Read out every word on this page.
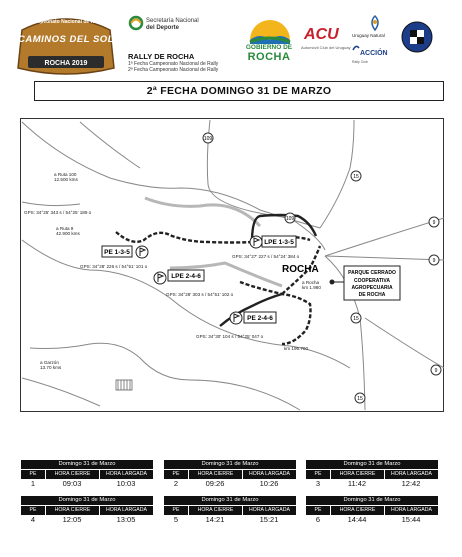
Campeonato Nacional de Rally
CAMINOS DEL SOL
ROCHA 2019
Secretaría Nacional
del Deporte
RALLY DE ROCHA
1ª Fecha Campeonato Nacional de Rally
2ª Fecha Campeonato Nacional de Rally
GOBIERNO DE
ROCHA
ACU
Automóvil Club del Uruguay
Uruguay Natural
ACCIÓN
Rally Club
2ª FECHA DOMINGO 31 DE MARZO
109
109
9
15
15
9
15
9
PE 1-3-5
LPE 1-3-5
LPE 2-4-6
PE 2-4-6
GPS: 34°25' 343 s / 54°25' 189 o
GPS: 34°28' 226 s / 54°51' 101 o
GPS: 34°27' 227 s / 54°24' 384 o
GPS: 34°28' 303 s / 54°51' 102 o
GPS: 34°30' 104 s / 54°25' 047 o
a Ruta 100
12.500 kms
a Ruta 9
42.900 kms
a Garzón
13.70 kms
a Rocha
km 1.980
km 196.700
ROCHA	PARQUE CERRADO
COOPERATIVA
AGROPECUARIA
DE ROCHA
Domingo 31 de Marzo
PE	HORA CIERRE	HORA LARGADA
1	09:03	10:03
Domingo 31 de Marzo
PE	HORA CIERRE	HORA LARGADA
2	09:26	10:26
Domingo 31 de Marzo
PE	HORA CIERRE	HORA LARGADA
3	11:42	12:42
Domingo 31 de Marzo
PE	HORA CIERRE	HORA LARGADA
4	12:05	13:05
Domingo 31 de Marzo
PE	HORA CIERRE	HORA LARGADA
5	14:21	15:21
Domingo 31 de Marzo
PE	HORA CIERRE	HORA LARGADA
6	14:44	15:44
